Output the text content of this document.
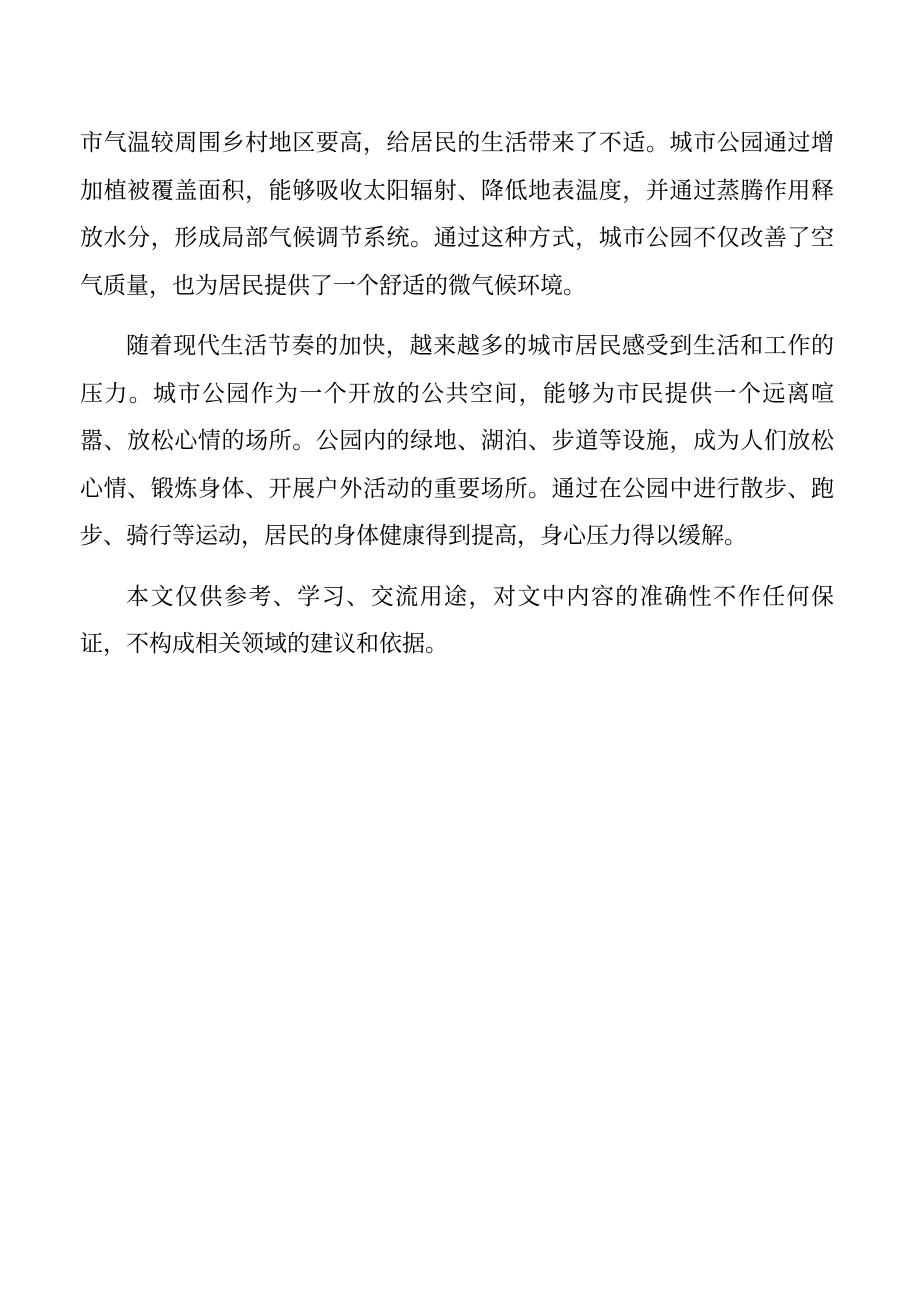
市气温较周围乡村地区要高，给居民的生活带来了不适。城市公园通过增加植被覆盖面积，能够吸收太阳辐射、降低地表温度，并通过蒸腾作用释放水分，形成局部气候调节系统。通过这种方式，城市公园不仅改善了空气质量，也为居民提供了一个舒适的微气候环境。

随着现代生活节奏的加快，越来越多的城市居民感受到生活和工作的压力。城市公园作为一个开放的公共空间，能够为市民提供一个远离喧嚣、放松心情的场所。公园内的绿地、湖泊、步道等设施，成为人们放松心情、锻炼身体、开展户外活动的重要场所。通过在公园中进行散步、跑步、骑行等运动，居民的身体健康得到提高，身心压力得以缓解。

本文仅供参考、学习、交流用途，对文中内容的准确性不作任何保证，不构成相关领域的建议和依据。
